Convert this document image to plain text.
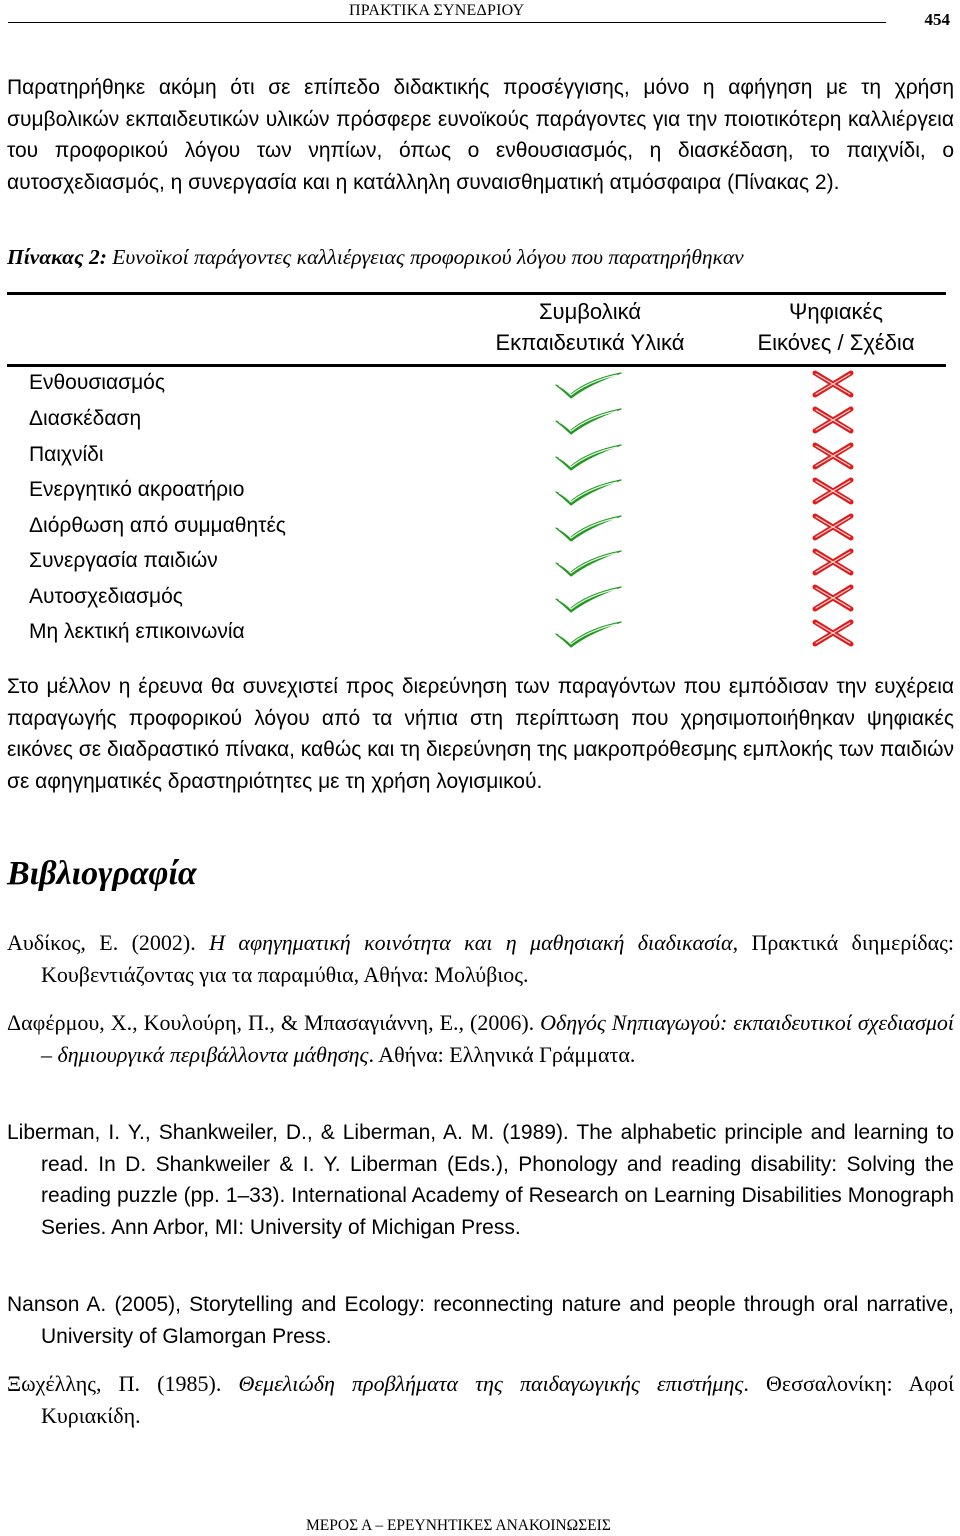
ΠΡΑΚΤΙΚΑ ΣΥΝΕΔΡΙΟΥ	454

Παρατηρήθηκε ακόμη ότι σε επίπεδο διδακτικής προσέγγισης, μόνο η αφήγηση με τη χρήση συμβολικών εκπαιδευτικών υλικών πρόσφερε ευνοϊκούς παράγοντες για την ποιοτικότερη καλλιέργεια του προφορικού λόγου των νηπίων, όπως ο ενθουσιασμός, η διασκέδαση, το παιχνίδι, ο αυτοσχεδιασμός, η συνεργασία και η κατάλληλη συναισθηματική ατμόσφαιρα (Πίνακας 2).

Πίνακας 2: Ευνοϊκοί παράγοντες καλλιέργειας προφορικού λόγου που παρατηρήθηκαν
Συμβολικά
Εκπαιδευτικά Υλικά
Ψηφιακές
Εικόνες / Σχέδια
Ενθουσιασμός
Διασκέδαση
Παιχνίδι
Ενεργητικό ακροατήριο
Διόρθωση από συμμαθητές
Συνεργασία παιδιών
Αυτοσχεδιασμός
Μη λεκτική επικοινωνία

Στο μέλλον η έρευνα θα συνεχιστεί προς διερεύνηση των παραγόντων που εμπόδισαν την ευχέρεια παραγωγής προφορικού λόγου από τα νήπια στη περίπτωση που χρησιμοποιήθηκαν ψηφιακές εικόνες σε διαδραστικό πίνακα, καθώς και τη διερεύνηση της μακροπρόθεσμης εμπλοκής των παιδιών σε αφηγηματικές δραστηριότητες με τη χρήση λογισμικού.

Βιβλιογραφία

Αυδίκος, Ε. (2002). Η αφηγηματική κοινότητα και η μαθησιακή διαδικασία, Πρακτικά διημερίδας: Κουβεντιάζοντας για τα παραμύθια, Αθήνα: Μολύβιος.

Δαφέρμου, Χ., Κουλούρη, Π., & Μπασαγιάννη, Ε., (2006). Οδηγός Νηπιαγωγού: εκπαιδευτικοί σχεδιασμοί – δημιουργικά περιβάλλοντα μάθησης. Αθήνα: Ελληνικά Γράμματα.

Liberman, I. Y., Shankweiler, D., & Liberman, A. M. (1989). The alphabetic principle and learning to read. In D. Shankweiler & I. Y. Liberman (Eds.), Phonology and reading disability: Solving the reading puzzle (pp. 1–33). International Academy of Research on Learning Disabilities Monograph Series. Ann Arbor, MI: University of Michigan Press.

Nanson A. (2005), Storytelling and Ecology: reconnecting nature and people through oral narrative, University of Glamorgan Press.

Ξωχέλλης, Π. (1985). Θεμελιώδη προβλήματα της παιδαγωγικής επιστήμης. Θεσσαλονίκη: Αφοί Κυριακίδη.

ΜΕΡΟΣ Α – ΕΡΕΥΝΗΤΙΚΕΣ ΑΝΑΚΟΙΝΩΣΕΙΣ
